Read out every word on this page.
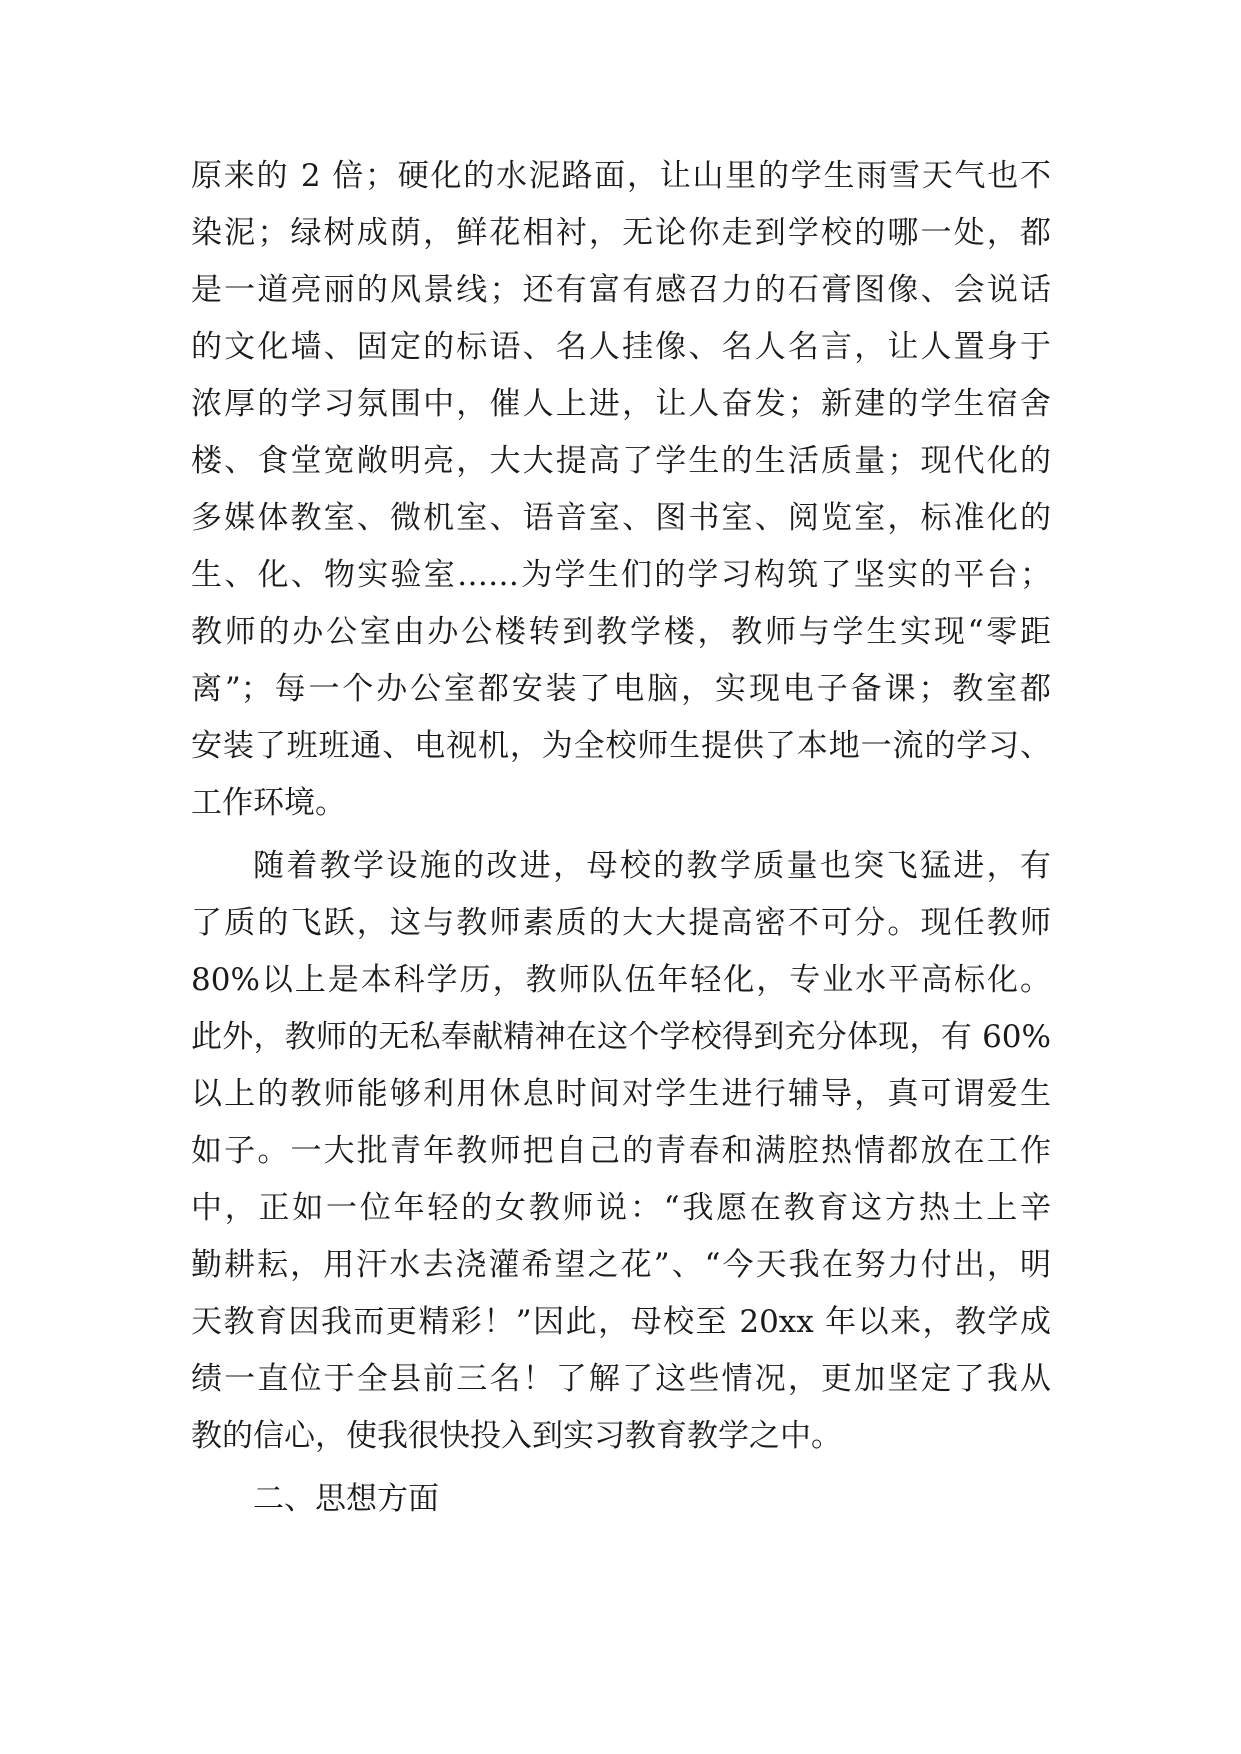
原来的 2 倍；硬化的水泥路面，让山里的学生雨雪天气也不
染泥；绿树成荫，鲜花相衬，无论你走到学校的哪一处，都
是一道亮丽的风景线；还有富有感召力的石膏图像、会说话
的文化墙、固定的标语、名人挂像、名人名言，让人置身于
浓厚的学习氛围中，催人上进，让人奋发；新建的学生宿舍
楼、食堂宽敞明亮，大大提高了学生的生活质量；现代化的
多媒体教室、微机室、语音室、图书室、阅览室，标准化的
生、化、物实验室……为学生们的学习构筑了坚实的平台；
教师的办公室由办公楼转到教学楼，教师与学生实现“零距
离”；每一个办公室都安装了电脑，实现电子备课；教室都
安装了班班通、电视机，为全校师生提供了本地一流的学习、
工作环境。
随着教学设施的改进，母校的教学质量也突飞猛进，有
了质的飞跃，这与教师素质的大大提高密不可分。现任教师
80%以上是本科学历，教师队伍年轻化，专业水平高标化。
此外，教师的无私奉献精神在这个学校得到充分体现，有 60%
以上的教师能够利用休息时间对学生进行辅导，真可谓爱生
如子。一大批青年教师把自己的青春和满腔热情都放在工作
中，正如一位年轻的女教师说：“我愿在教育这方热土上辛
勤耕耘，用汗水去浇灌希望之花”、“今天我在努力付出，明
天教育因我而更精彩！”因此，母校至 20xx 年以来，教学成
绩一直位于全县前三名！了解了这些情况，更加坚定了我从
教的信心，使我很快投入到实习教育教学之中。
二、思想方面
